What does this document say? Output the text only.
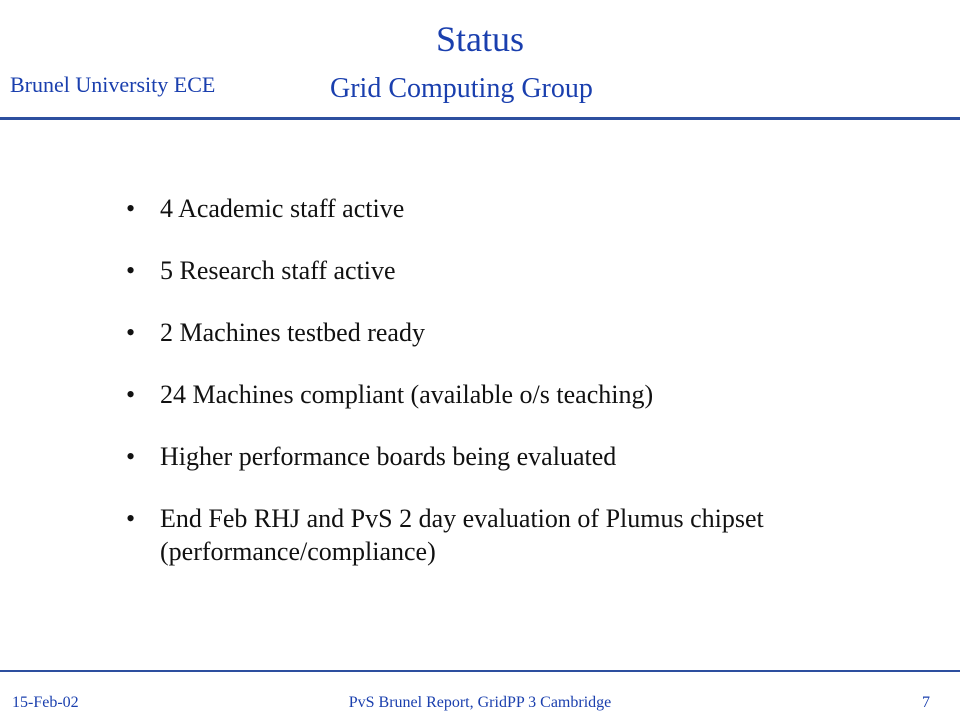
Status
Brunel University ECE	Grid Computing Group
• 4 Academic staff active
• 5 Research staff active
• 2 Machines testbed ready
• 24 Machines compliant (available o/s teaching)
• Higher performance boards being evaluated
• End Feb RHJ and PvS 2 day evaluation of Plumus chipset (performance/compliance)
15-Feb-02	PvS Brunel Report, GridPP 3 Cambridge	7
